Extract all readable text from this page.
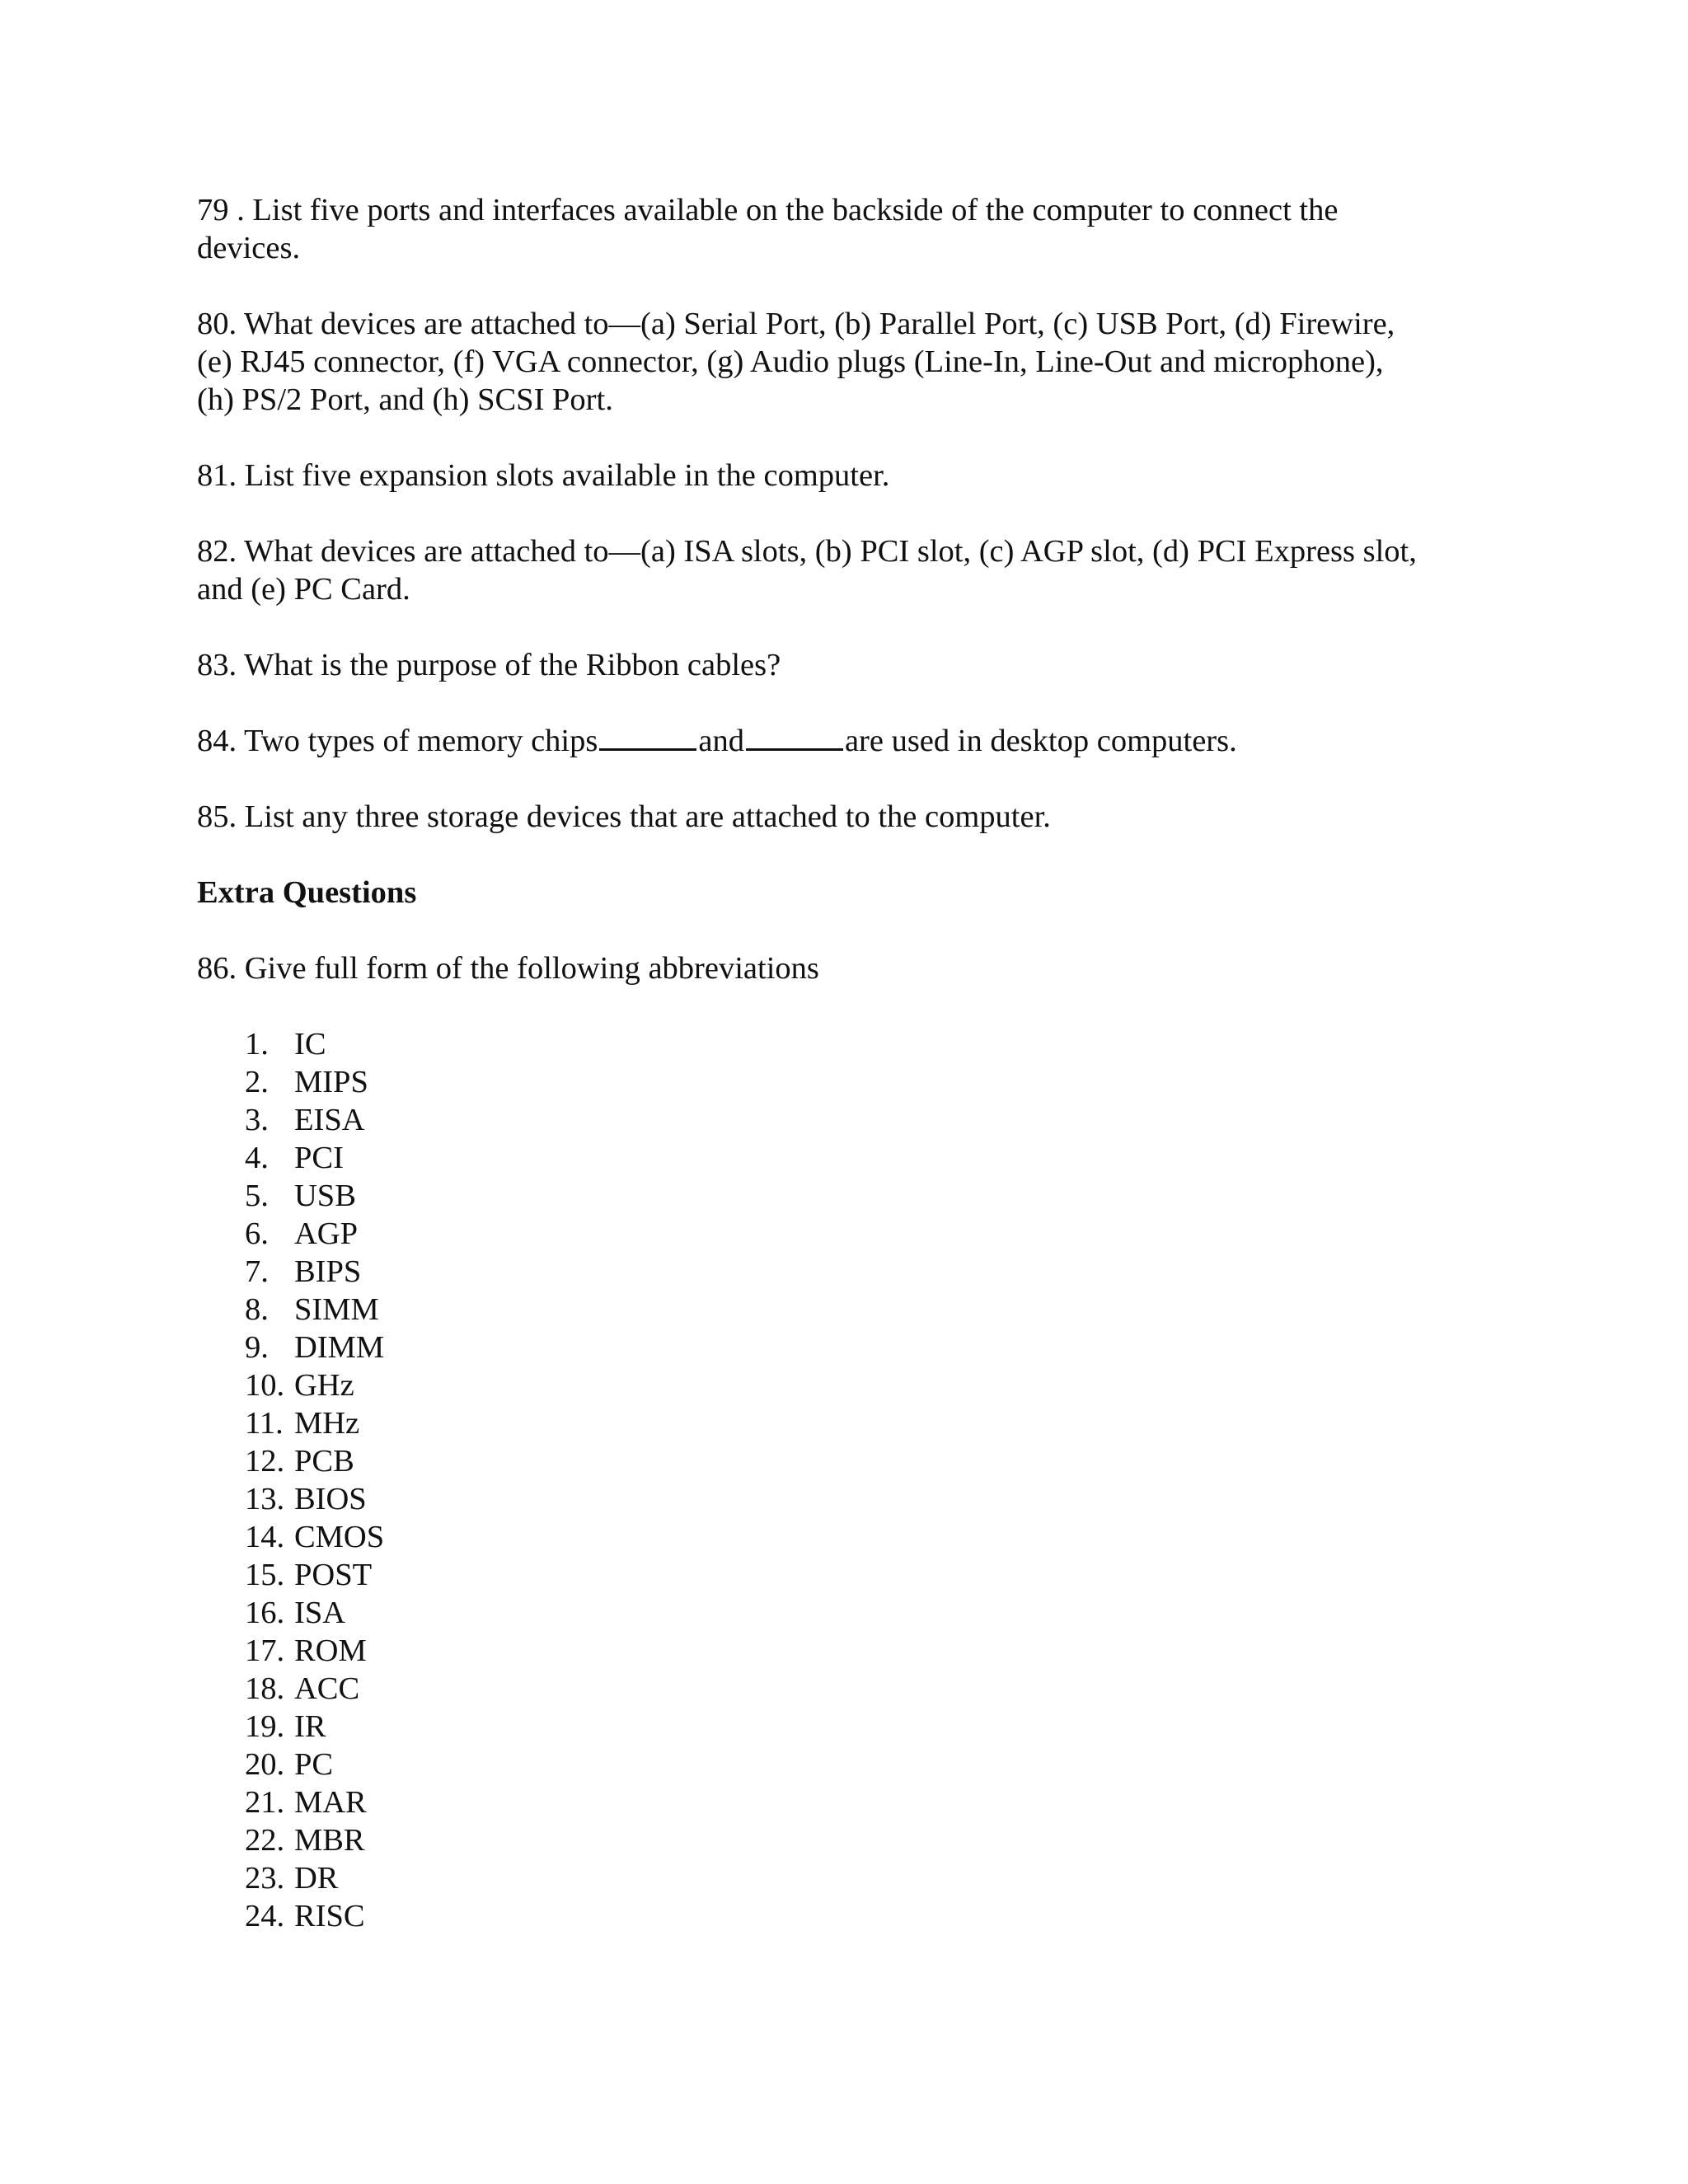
79 . List five ports and interfaces available on the backside of the computer to connect the
devices.
80. What devices are attached to—(a) Serial Port, (b) Parallel Port, (c) USB Port, (d) Firewire,
(e) RJ45 connector, (f) VGA connector, (g) Audio plugs (Line-In, Line-Out and microphone),
(h) PS/2 Port, and (h) SCSI Port.
81. List five expansion slots available in the computer.
82. What devices are attached to—(a) ISA slots, (b) PCI slot, (c) AGP slot, (d) PCI Express slot,
and (e) PC Card.
83. What is the purpose of the Ribbon cables?
84. Two types of memory chips	and	are used in desktop computers.
85. List any three storage devices that are attached to the computer.
Extra Questions
86. Give full form of the following abbreviations
1. IC
2. MIPS
3. EISA
4. PCI
5. USB
6. AGP
7. BIPS
8. SIMM
9. DIMM
10. GHz
11. MHz
12. PCB
13. BIOS
14. CMOS
15. POST
16. ISA
17. ROM
18. ACC
19. IR
20. PC
21. MAR
22. MBR
23. DR
24. RISC
